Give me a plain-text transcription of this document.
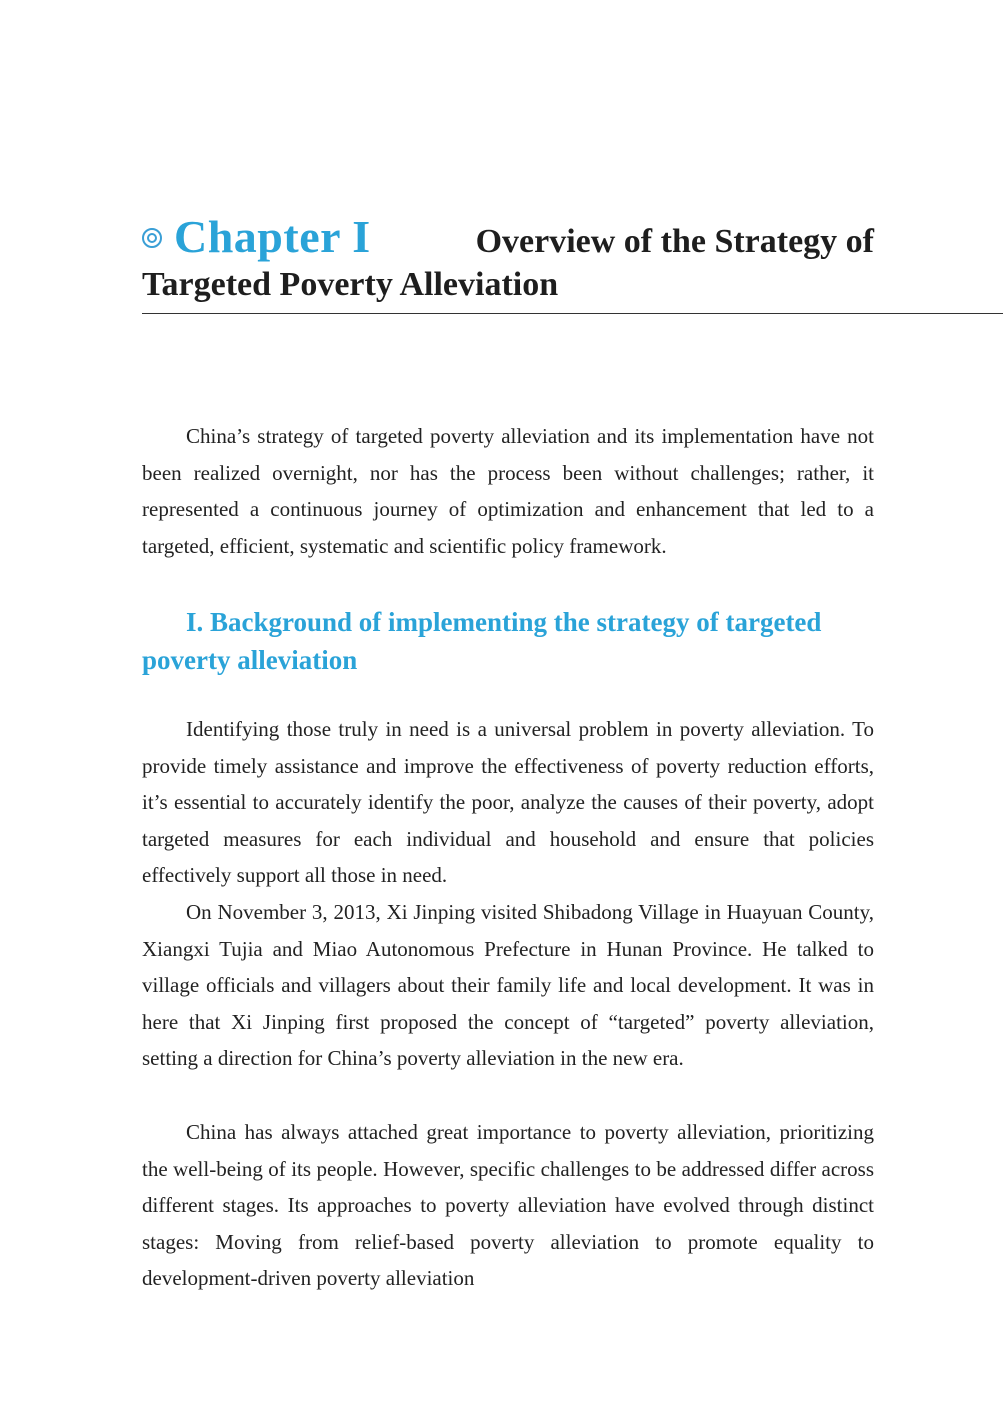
Chapter I	Overview of the Strategy of
Targeted Poverty Alleviation

China’s strategy of targeted poverty alleviation and its implementation have not been realized overnight, nor has the process been without challenges; rather, it represented a continuous journey of optimization and enhancement that led to a targeted, efficient, systematic and scientific policy framework.

I. Background of implementing the strategy of targeted poverty alleviation

Identifying those truly in need is a universal problem in poverty alleviation. To provide timely assistance and improve the effectiveness of poverty reduction efforts, it’s essential to accurately identify the poor, analyze the causes of their poverty, adopt targeted measures for each individual and household and ensure that policies effectively support all those in need.

On November 3, 2013, Xi Jinping visited Shibadong Village in Huayuan County, Xiangxi Tujia and Miao Autonomous Prefecture in Hunan Province. He talked to village officials and villagers about their family life and local development. It was in here that Xi Jinping first proposed the concept of “targeted” poverty alleviation, setting a direction for China’s poverty alleviation in the new era.

China has always attached great importance to poverty alleviation, prioritizing the well-being of its people. However, specific challenges to be addressed differ across different stages. Its approaches to poverty alleviation have evolved through distinct stages: Moving from relief-based poverty alleviation to promote equality to development-driven poverty alleviation
